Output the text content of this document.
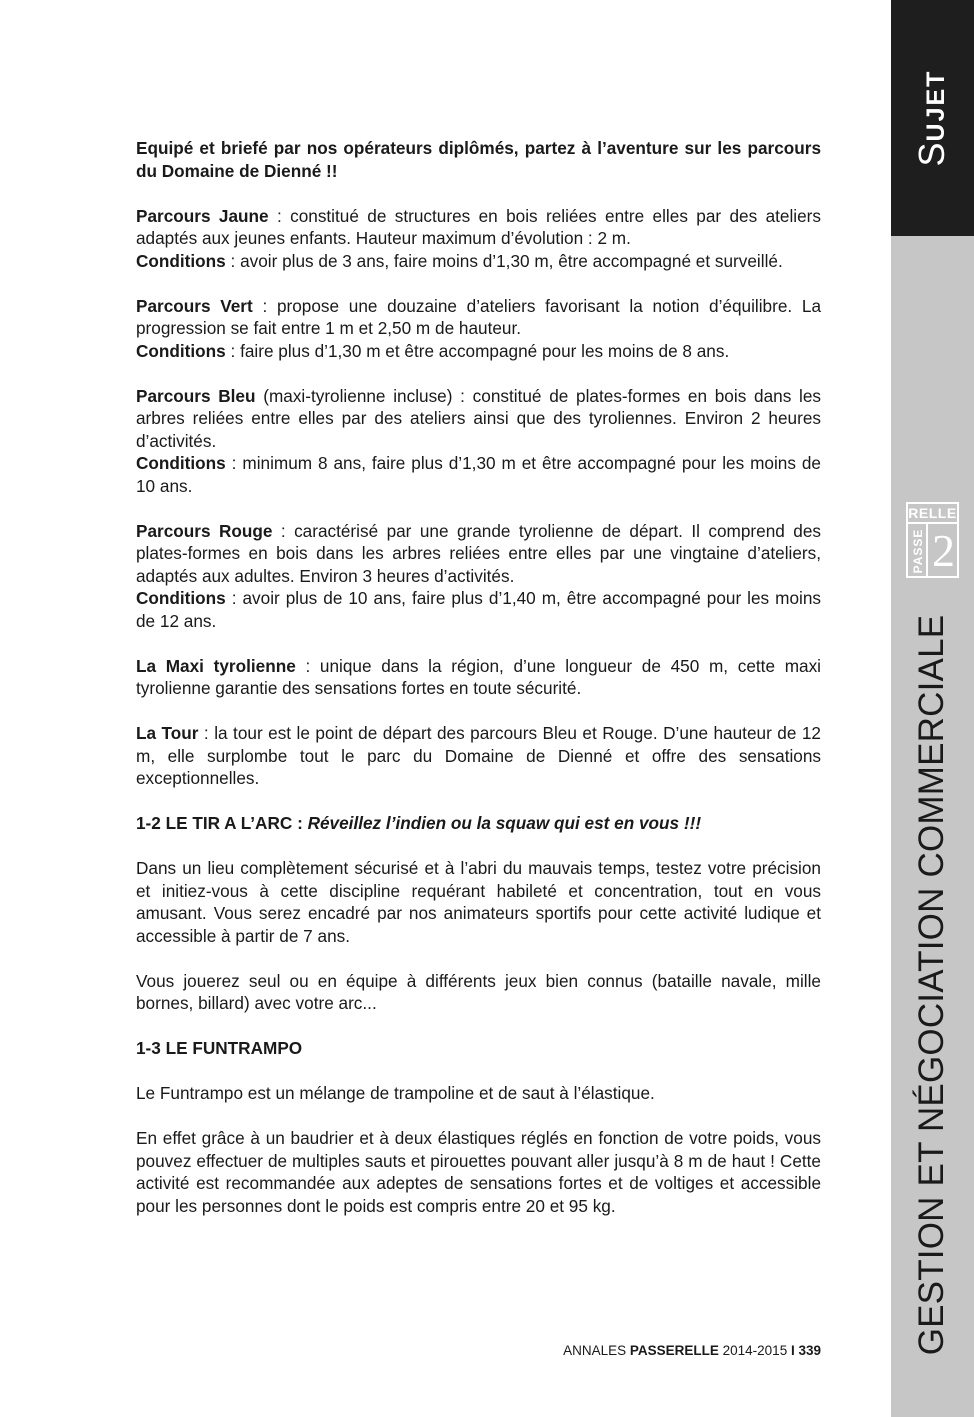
Equipé et briefé par nos opérateurs diplômés, partez à l’aventure sur les parcours du Domaine de Dienné !!

Parcours Jaune : constitué de structures en bois reliées entre elles par des ateliers adaptés aux jeunes enfants. Hauteur maximum d’évolution : 2 m.

Conditions : avoir plus de 3 ans, faire moins d’1,30 m, être accompagné et surveillé.

Parcours Vert : propose une douzaine d’ateliers favorisant la notion d’équilibre. La progression se fait entre 1 m et 2,50 m de hauteur.

Conditions : faire plus d’1,30 m et être accompagné pour les moins de 8 ans.

Parcours Bleu (maxi-tyrolienne incluse) : constitué de plates-formes en bois dans les arbres reliées entre elles par des ateliers ainsi que des tyroliennes. Environ 2 heures d’activités.

Conditions : minimum 8 ans, faire plus d’1,30 m et être accompagné pour les moins de 10 ans.

Parcours Rouge : caractérisé par une grande tyrolienne de départ. Il comprend des plates-formes en bois dans les arbres reliées entre elles par une vingtaine d’ateliers, adaptés aux adultes. Environ 3 heures d’activités.

Conditions : avoir plus de 10 ans, faire plus d’1,40 m, être accompagné pour les moins de 12 ans.

La Maxi tyrolienne : unique dans la région, d’une longueur de 450 m, cette maxi tyrolienne garantie des sensations fortes en toute sécurité.

La Tour : la tour est le point de départ des parcours Bleu et Rouge. D’une hauteur de 12 m, elle surplombe tout le parc du Domaine de Dienné et offre des sensations exceptionnelles.

1-2 LE TIR A L’ARC : Réveillez l’indien ou la squaw qui est en vous !!!

Dans un lieu complètement sécurisé et à l’abri du mauvais temps, testez votre précision et initiez-vous à cette discipline requérant habileté et concentration, tout en vous amusant. Vous serez encadré par nos animateurs sportifs pour cette activité ludique et accessible à partir de 7 ans.

Vous jouerez seul ou en équipe à différents jeux bien connus (bataille navale, mille bornes, billard) avec votre arc...

1-3 LE FUNTRAMPO

Le Funtrampo est un mélange de trampoline et de saut à l’élastique.

En effet grâce à un baudrier et à deux élastiques réglés en fonction de votre poids, vous pouvez effectuer de multiples sauts et pirouettes pouvant aller jusqu’à 8 m de haut ! Cette activité est recommandée aux adeptes de sensations fortes et de voltiges et accessible pour les personnes dont le poids est compris entre 20 et 95 kg.

SUJET
RELLE
PASSE 2
GESTION ET NÉGOCIATION COMMERCIALE
ANNALES PASSERELLE 2014-2015 I 339
